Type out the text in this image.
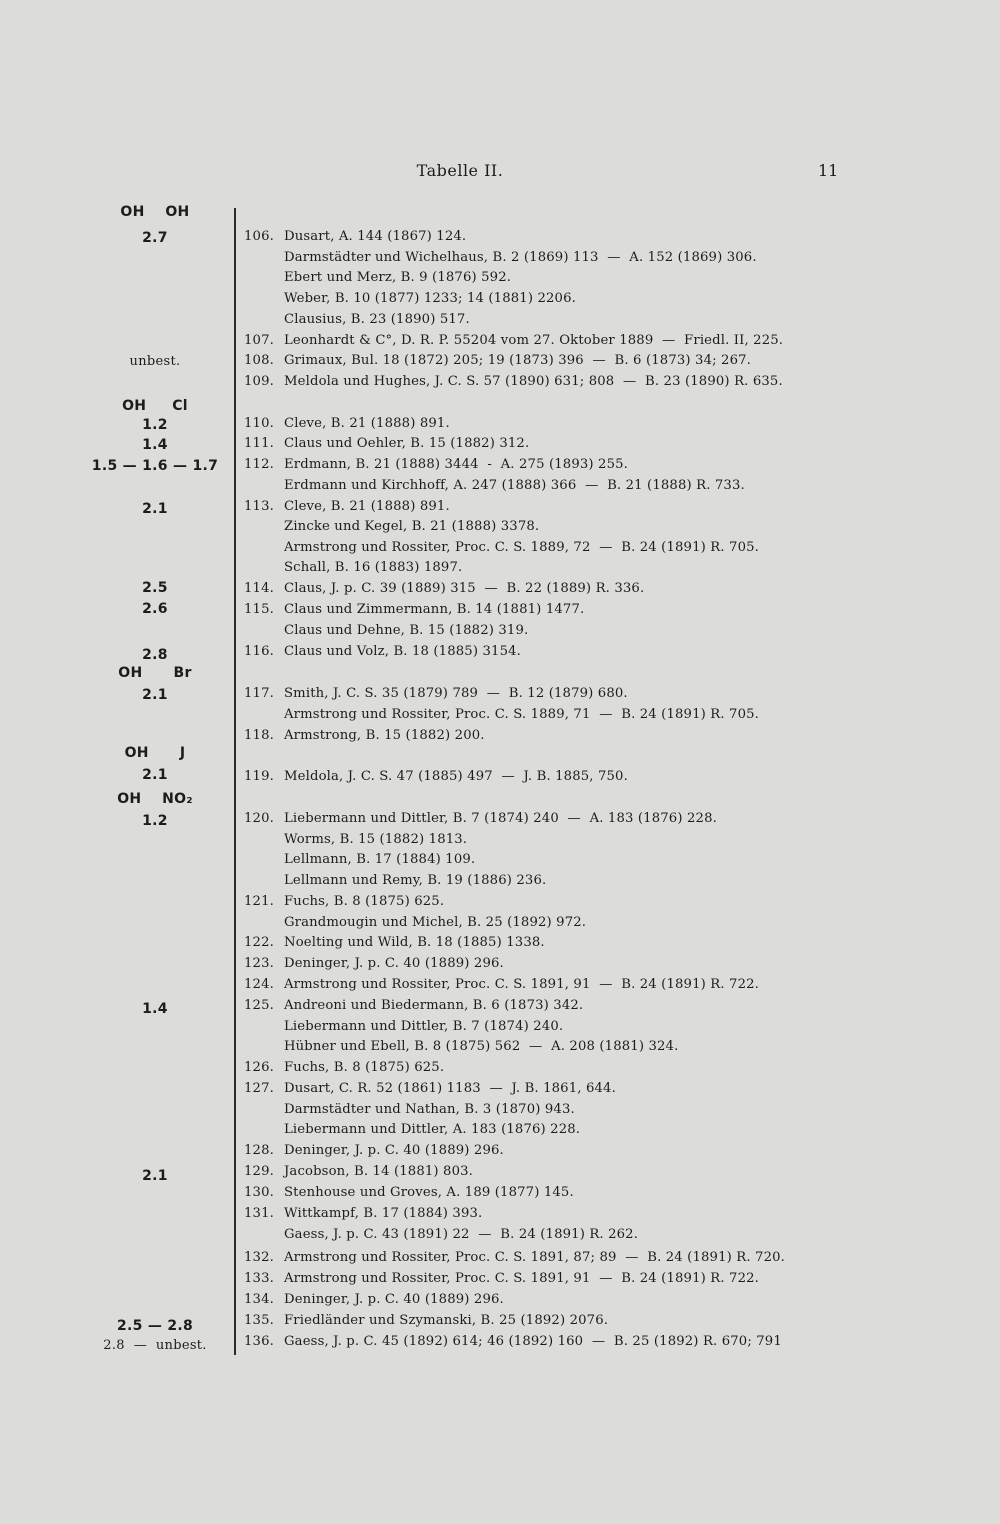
Tabelle II.	11
OH    OH
2.7
unbest.
OH     Cl
1.2
1.4
1.5 — 1.6 — 1.7
2.1
2.5
2.6
2.8
OH      Br
2.1
OH      J
2.1
OH    NO₂
1.2
1.4
2.1
2.5 — 2.8
2.8  —  unbest.
106. Dusart, A. 144 (1867) 124.
Darmstädter und Wichelhaus, B. 2 (1869) 113  —  A. 152 (1869) 306.
Ebert und Merz, B. 9 (1876) 592.
Weber, B. 10 (1877) 1233; 14 (1881) 2206.
Clausius, B. 23 (1890) 517.
107. Leonhardt & C°, D. R. P. 55204 vom 27. Oktober 1889  —  Friedl. II, 225.
108. Grimaux, Bul. 18 (1872) 205; 19 (1873) 396  —  B. 6 (1873) 34; 267.
109. Meldola und Hughes, J. C. S. 57 (1890) 631; 808  —  B. 23 (1890) R. 635.
110. Cleve, B. 21 (1888) 891.
111. Claus und Oehler, B. 15 (1882) 312.
112. Erdmann, B. 21 (1888) 3444  -  A. 275 (1893) 255.
Erdmann und Kirchhoff, A. 247 (1888) 366  —  B. 21 (1888) R. 733.
113. Cleve, B. 21 (1888) 891.
Zincke und Kegel, B. 21 (1888) 3378.
Armstrong und Rossiter, Proc. C. S. 1889, 72  —  B. 24 (1891) R. 705.
Schall, B. 16 (1883) 1897.
114. Claus, J. p. C. 39 (1889) 315  —  B. 22 (1889) R. 336.
115. Claus und Zimmermann, B. 14 (1881) 1477.
Claus und Dehne, B. 15 (1882) 319.
116. Claus und Volz, B. 18 (1885) 3154.
117. Smith, J. C. S. 35 (1879) 789  —  B. 12 (1879) 680.
Armstrong und Rossiter, Proc. C. S. 1889, 71  —  B. 24 (1891) R. 705.
118. Armstrong, B. 15 (1882) 200.
119. Meldola, J. C. S. 47 (1885) 497  —  J. B. 1885, 750.
120. Liebermann und Dittler, B. 7 (1874) 240  —  A. 183 (1876) 228.
Worms, B. 15 (1882) 1813.
Lellmann, B. 17 (1884) 109.
Lellmann und Remy, B. 19 (1886) 236.
121. Fuchs, B. 8 (1875) 625.
Grandmougin und Michel, B. 25 (1892) 972.
122. Noelting und Wild, B. 18 (1885) 1338.
123. Deninger, J. p. C. 40 (1889) 296.
124. Armstrong und Rossiter, Proc. C. S. 1891, 91  —  B. 24 (1891) R. 722.
125. Andreoni und Biedermann, B. 6 (1873) 342.
Liebermann und Dittler, B. 7 (1874) 240.
Hübner und Ebell, B. 8 (1875) 562  —  A. 208 (1881) 324.
126. Fuchs, B. 8 (1875) 625.
127. Dusart, C. R. 52 (1861) 1183  —  J. B. 1861, 644.
Darmstädter und Nathan, B. 3 (1870) 943.
Liebermann und Dittler, A. 183 (1876) 228.
128. Deninger, J. p. C. 40 (1889) 296.
129. Jacobson, B. 14 (1881) 803.
130. Stenhouse und Groves, A. 189 (1877) 145.
131. Wittkampf, B. 17 (1884) 393.
Gaess, J. p. C. 43 (1891) 22  —  B. 24 (1891) R. 262.
132. Armstrong und Rossiter, Proc. C. S. 1891, 87; 89  —  B. 24 (1891) R. 720.
133. Armstrong und Rossiter, Proc. C. S. 1891, 91  —  B. 24 (1891) R. 722.
134. Deninger, J. p. C. 40 (1889) 296.
135. Friedländer und Szymanski, B. 25 (1892) 2076.
136. Gaess, J. p. C. 45 (1892) 614; 46 (1892) 160  —  B. 25 (1892) R. 670; 791
